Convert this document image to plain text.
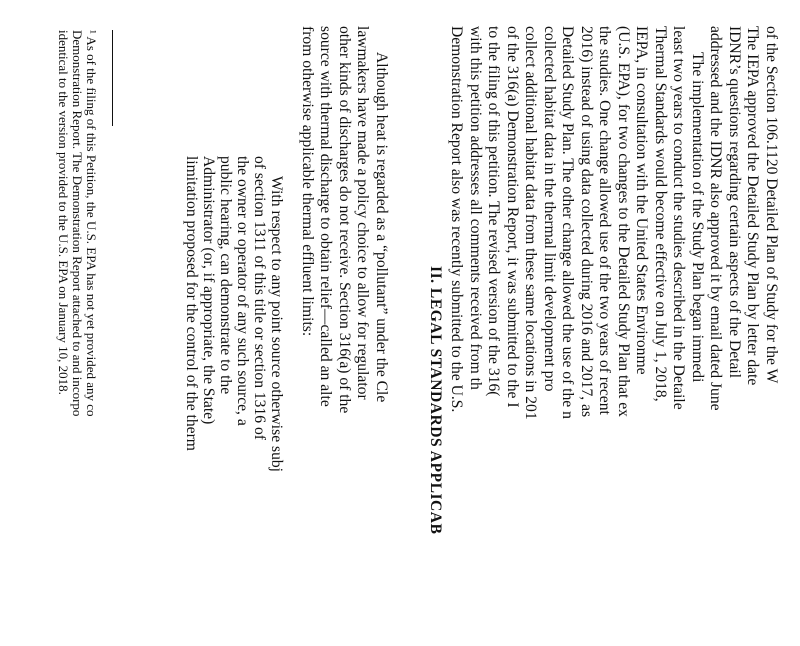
of the Section 106.1120 Detailed Plan of Study for the W
The IEPA approved the Detailed Study Plan by letter date
IDNR’s questions regarding certain aspects of the Detail
addressed and the IDNR also approved it by email dated June
The implementation of the Study Plan began immedi
least two years to conduct the studies described in the Detaile
Thermal Standards would become effective on July 1, 2018,
IEPA, in consultation with the United States Environme
(U.S. EPA), for two changes to the Detailed Study Plan that ex
the studies. One change allowed use of the two years of recent
2016) instead of using data collected during 2016 and 2017, as
Detailed Study Plan. The other change allowed the use of the n
collected habitat data in the thermal limit development pro
collect additional habitat data from these same locations in 201
of the 316(a) Demonstration Report, it was submitted to the I
to the filing of this petition. The revised version of the 316(
with this petition addresses all comments received from th
Demonstration Report also was recently submitted to the U.S.
II. LEGAL STANDARDS APPLICAB
Although heat is regarded as a “pollutant” under the Cle
lawmakers have made a policy choice to allow for regulator
other kinds of discharges do not receive. Section 316(a) of the
source with thermal discharge to obtain relief—called an alte
from otherwise applicable thermal effluent limits:
With respect to any point source otherwise subj
of section 1311 of this title or section 1316 of
the owner or operator of any such source, a
public hearing, can demonstrate to the
Administrator (or, if appropriate, the State)
limitation proposed for the control of the therm
¹ As of the filing of this Petition, the U.S. EPA has not yet provided any co
Demonstration Report. The Demonstration Report attached to and incorpo
identical to the version provided to the U.S. EPA on January 10, 2018.
